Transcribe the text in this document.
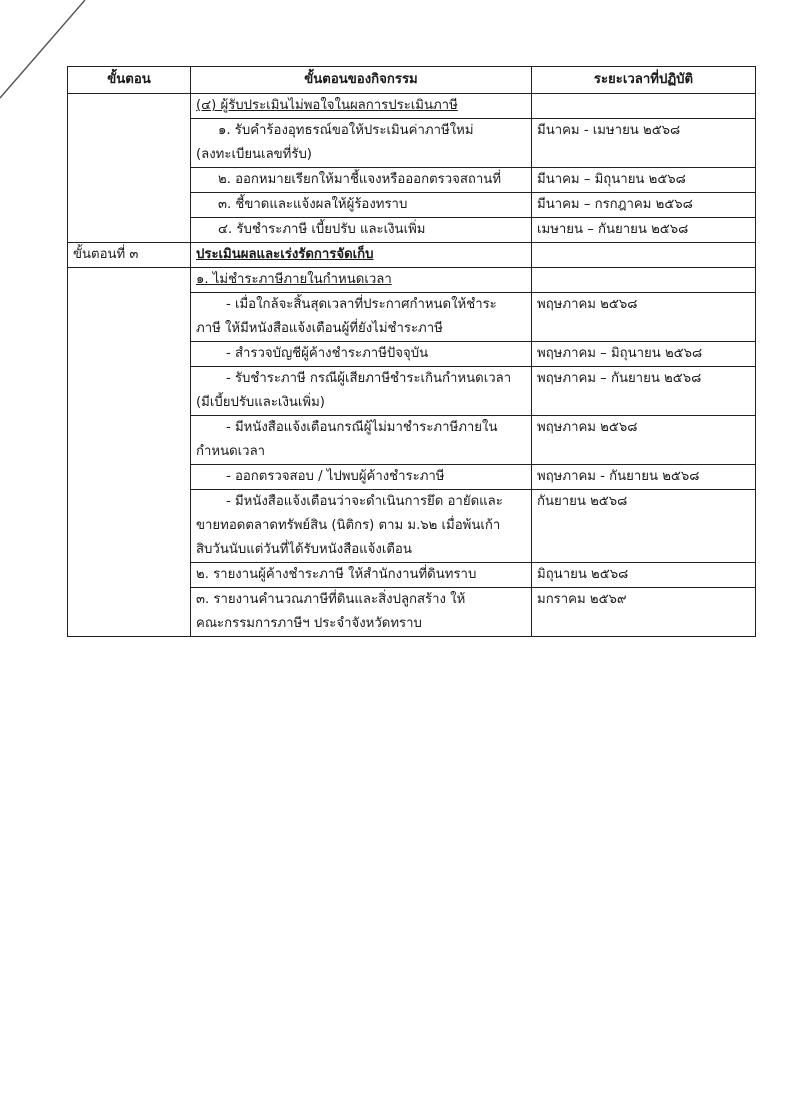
ขั้นตอน	ขั้นตอนของกิจกรรม	ระยะเวลาที่ปฏิบัติ
	(๔) ผู้รับประเมินไม่พอใจในผลการประเมินภาษี	
	๑. รับคำร้องอุทธรณ์ขอให้ประเมินค่าภาษีใหม่
(ลงทะเบียนเลขที่รับ)	มีนาคม - เมษายน ๒๕๖๘
	๒. ออกหมายเรียกให้มาชี้แจงหรือออกตรวจสถานที่	มีนาคม – มิถุนายน ๒๕๖๘
	๓. ชี้ขาดและแจ้งผลให้ผู้ร้องทราบ	มีนาคม – กรกฎาคม ๒๕๖๘
	๔. รับชำระภาษี เบี้ยปรับ และเงินเพิ่ม	เมษายน – กันยายน ๒๕๖๘
ขั้นตอนที่ ๓	ประเมินผลและเร่งรัดการจัดเก็บ	
	๑. ไม่ชำระภาษีภายในกำหนดเวลา	
	- เมื่อใกล้จะสิ้นสุดเวลาที่ประกาศกำหนดให้ชำระ
ภาษี ให้มีหนังสือแจ้งเตือนผู้ที่ยังไม่ชำระภาษี	พฤษภาคม ๒๕๖๘
	- สำรวจบัญชีผู้ค้างชำระภาษีปัจจุบัน	พฤษภาคม – มิถุนายน ๒๕๖๘
	- รับชำระภาษี กรณีผู้เสียภาษีชำระเกินกำหนดเวลา
(มีเบี้ยปรับและเงินเพิ่ม)	พฤษภาคม – กันยายน ๒๕๖๘
	- มีหนังสือแจ้งเตือนกรณีผู้ไม่มาชำระภาษีภายใน
กำหนดเวลา	พฤษภาคม ๒๕๖๘
	- ออกตรวจสอบ / ไปพบผู้ค้างชำระภาษี	พฤษภาคม - กันยายน ๒๕๖๘
	- มีหนังสือแจ้งเตือนว่าจะดำเนินการยึด อายัดและ
ขายทอดตลาดทรัพย์สิน (นิติกร) ตาม ม.๖๒ เมื่อพ้นเก้า
สิบวันนับแต่วันที่ได้รับหนังสือแจ้งเตือน	กันยายน ๒๕๖๘
	๒. รายงานผู้ค้างชำระภาษี ให้สำนักงานที่ดินทราบ	มิถุนายน ๒๕๖๘
	๓. รายงานคำนวณภาษีที่ดินและสิ่งปลูกสร้าง ให้
คณะกรรมการภาษีฯ ประจำจังหวัดทราบ	มกราคม ๒๕๖๙
